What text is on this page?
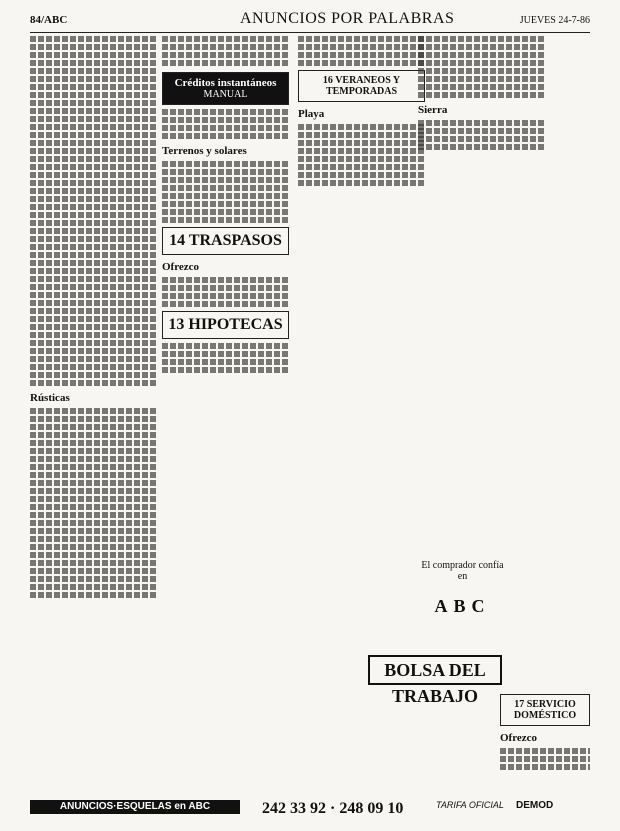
84/ABC	ANUNCIOS POR PALABRAS	JUEVES 24-7-86
Rústicas
Créditos instantáneos
MANUAL
Terrenos y solares
14 TRASPASOS
Ofrezco
13 HIPOTECAS
16 VERANEOS Y TEMPORADAS
Playa	Sierra
El comprador confía en
ABC
BOLSA DEL TRABAJO	17 SERVICIO DOMÉSTICO
Ofrezco
ANUNCIOS·ESQUELAS en ABC	242 33 92 · 248 09 10	TARIFA OFICIAL DEMOD
